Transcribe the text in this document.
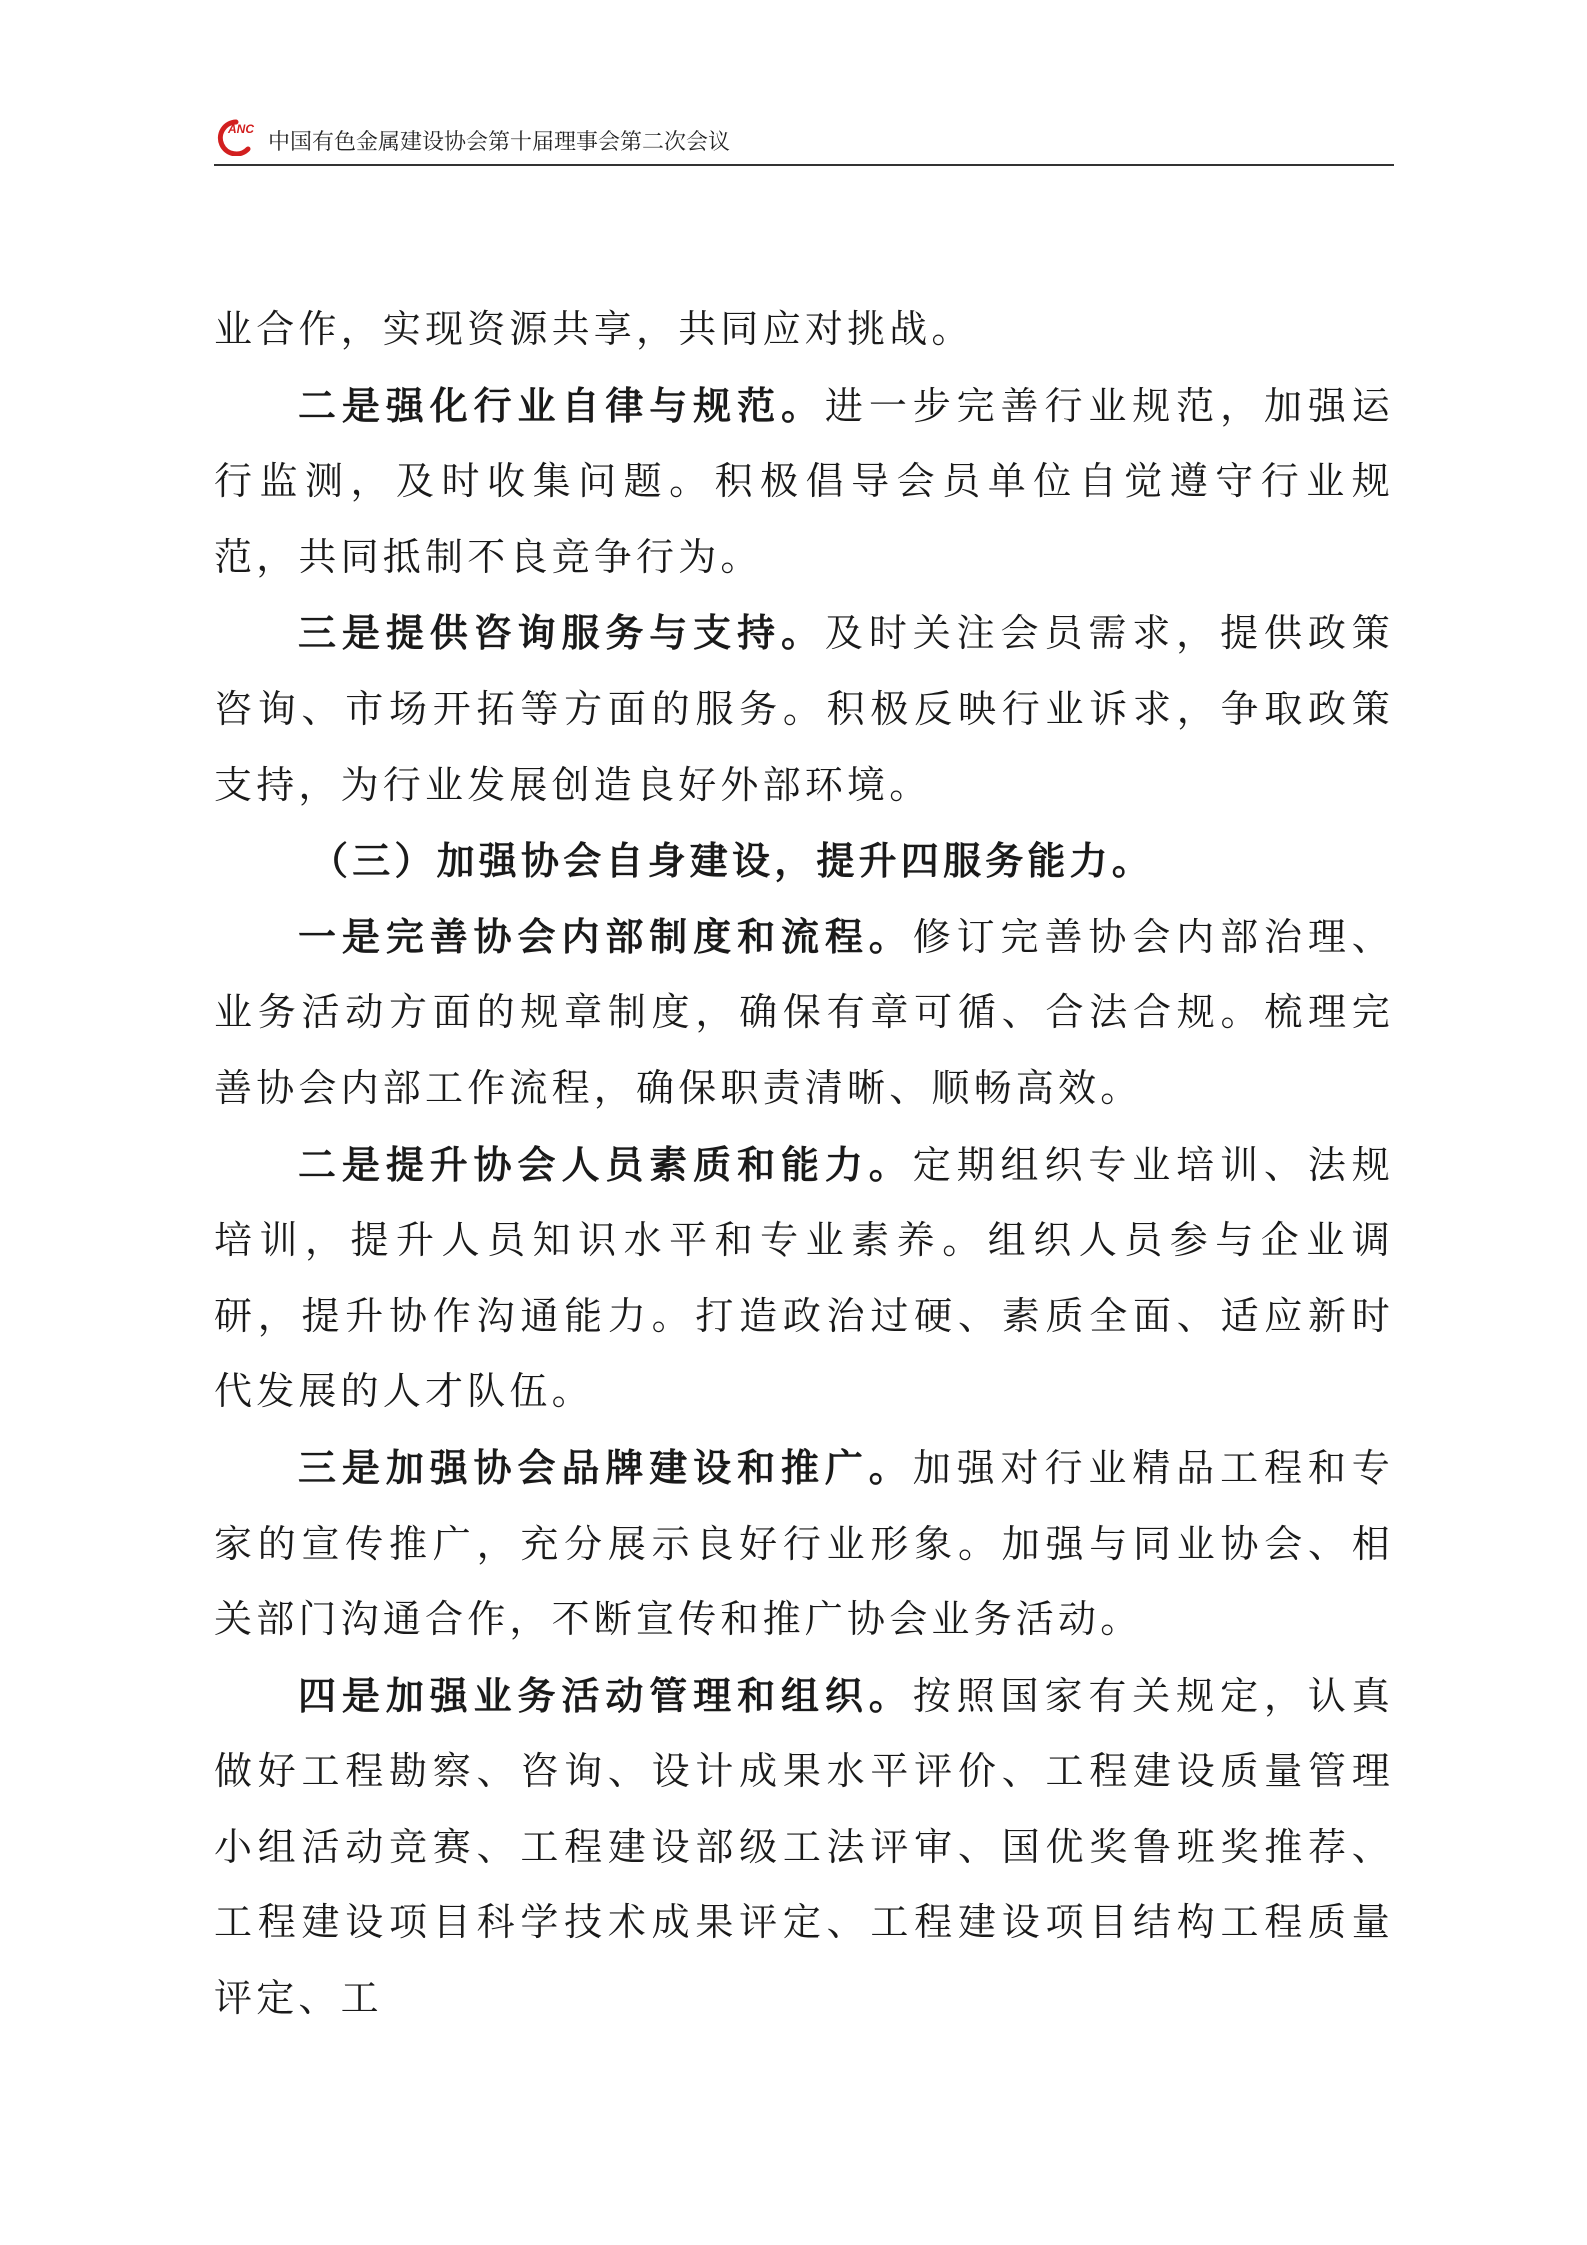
ANC
中国有色金属建设协会第十届理事会第二次会议

业合作，实现资源共享，共同应对挑战。

二是强化行业自律与规范。进一步完善行业规范，加强运行监测，及时收集问题。积极倡导会员单位自觉遵守行业规范，共同抵制不良竞争行为。

三是提供咨询服务与支持。及时关注会员需求，提供政策咨询、市场开拓等方面的服务。积极反映行业诉求，争取政策支持，为行业发展创造良好外部环境。

（三）加强协会自身建设，提升四服务能力。

一是完善协会内部制度和流程。修订完善协会内部治理、业务活动方面的规章制度，确保有章可循、合法合规。梳理完善协会内部工作流程，确保职责清晰、顺畅高效。

二是提升协会人员素质和能力。定期组织专业培训、法规培训，提升人员知识水平和专业素养。组织人员参与企业调研，提升协作沟通能力。打造政治过硬、素质全面、适应新时代发展的人才队伍。

三是加强协会品牌建设和推广。加强对行业精品工程和专家的宣传推广，充分展示良好行业形象。加强与同业协会、相关部门沟通合作，不断宣传和推广协会业务活动。

四是加强业务活动管理和组织。按照国家有关规定，认真做好工程勘察、咨询、设计成果水平评价、工程建设质量管理小组活动竞赛、工程建设部级工法评审、国优奖鲁班奖推荐、工程建设项目科学技术成果评定、工程建设项目结构工程质量评定、工
